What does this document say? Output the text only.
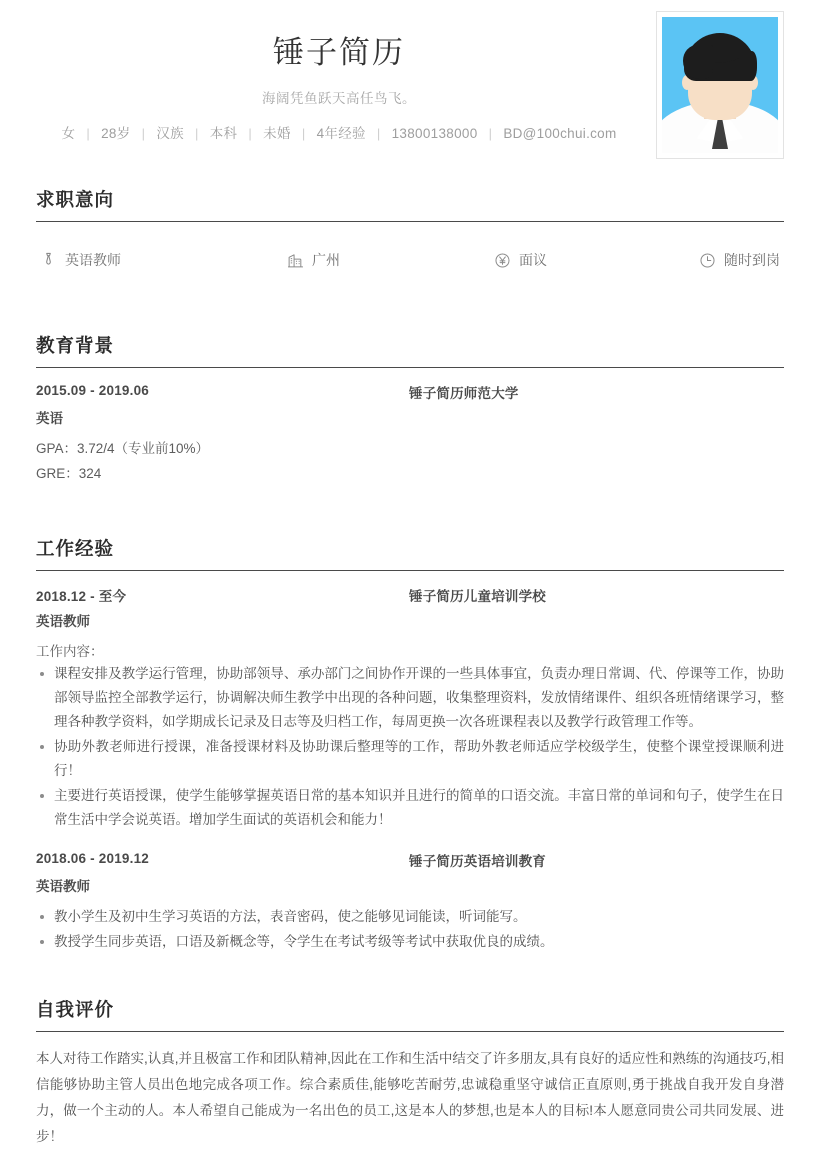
锤子简历
海阔凭鱼跃天高任鸟飞。
女 | 28岁 | 汉族 | 本科 | 未婚 | 4年经验 | 13800138000 | BD@100chui.com
求职意向
英语教师	广州	面议	随时到岗
教育背景
2015.09 - 2019.06	锤子简历师范大学
英语
GPA：3.72/4（专业前10%）
GRE：324
工作经验
2018.12 - 至今	锤子简历儿童培训学校
英语教师
工作内容：
课程安排及教学运行管理，协助部领导、承办部门之间协作开课的一些具体事宜，负责办理日常调、代、停课等工作，协助部领导监控全部教学运行，协调解决师生教学中出现的各种问题，收集整理资料，发放情绪课件、组织各班情绪课学习，整理各种教学资料，如学期成长记录及日志等及归档工作，每周更换一次各班课程表以及教学行政管理工作等。
协助外教老师进行授课，准备授课材料及协助课后整理等的工作，帮助外教老师适应学校级学生，使整个课堂授课顺利进行！
主要进行英语授课，使学生能够掌握英语日常的基本知识并且进行的简单的口语交流。丰富日常的单词和句子，使学生在日常生活中学会说英语。增加学生面试的英语机会和能力！
2018.06 - 2019.12	锤子简历英语培训教育
英语教师
教小学生及初中生学习英语的方法，表音密码，使之能够见词能读，听词能写。
教授学生同步英语，口语及新概念等，令学生在考试考级等考试中获取优良的成绩。
自我评价
本人对待工作踏实,认真,并且极富工作和团队精神,因此在工作和生活中结交了许多朋友,具有良好的适应性和熟练的沟通技巧,相信能够协助主管人员出色地完成各项工作。综合素质佳,能够吃苦耐劳,忠诚稳重坚守诚信正直原则,勇于挑战自我开发自身潜力，做一个主动的人。本人希望自己能成为一名出色的员工,这是本人的梦想,也是本人的目标!本人愿意同贵公司共同发展、进步！
